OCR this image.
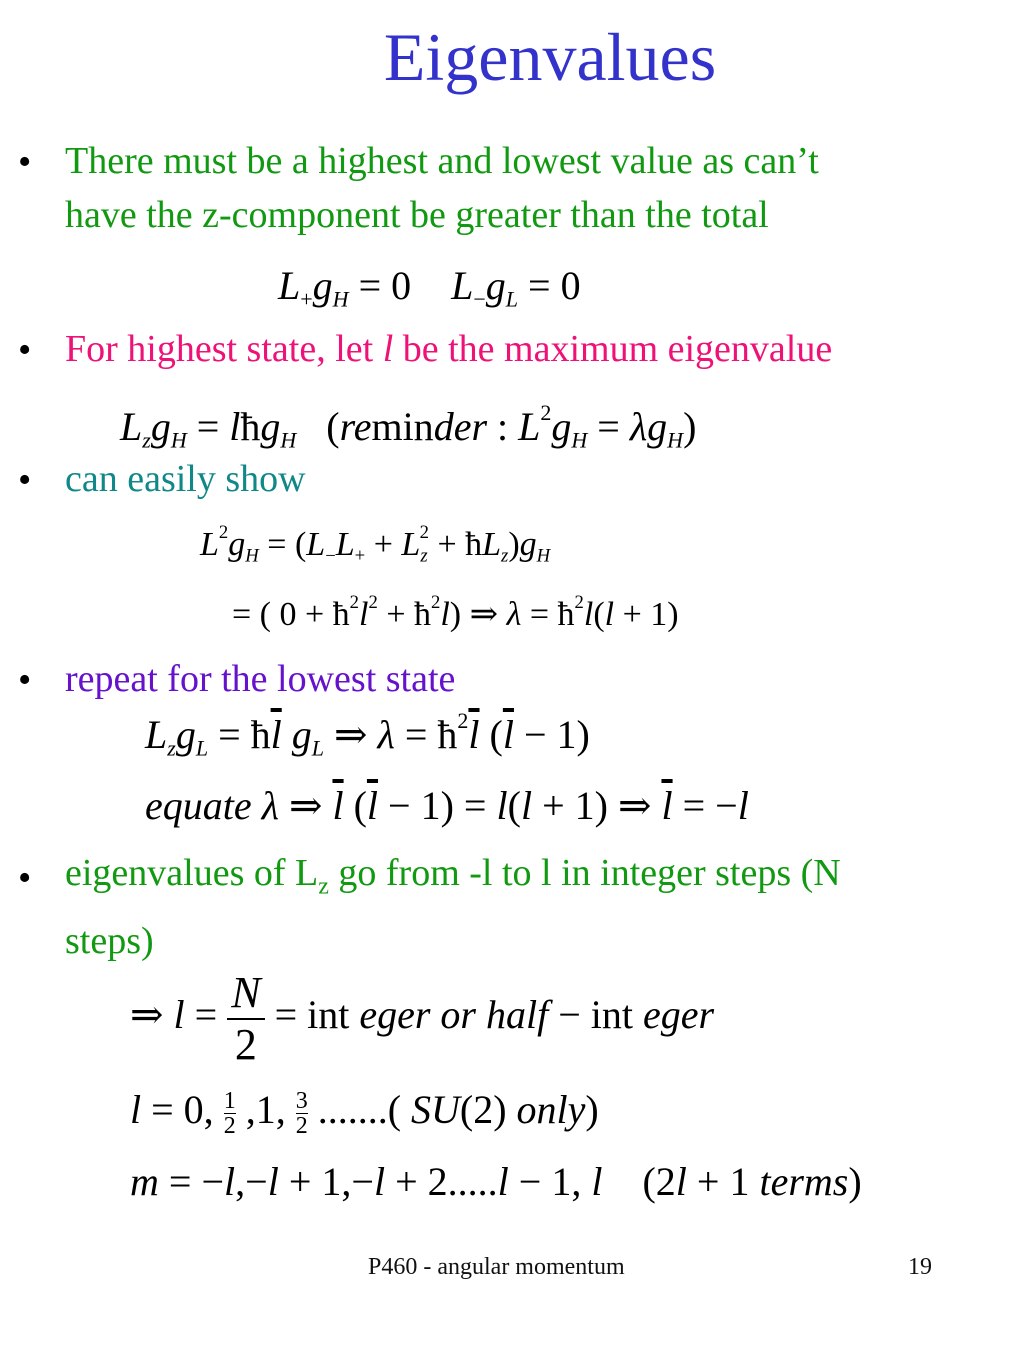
Eigenvalues
• There must be a highest and lowest value as can’t
have the z-component be greater than the total
$L_+g_H = 0$    $L_-g_L = 0$
• For highest state, let l be the maximum eigenvalue
$L_zg_H$ = lħg$_H$   (reminder : $L^2g_H = \lambda g_H$)
• can easily show
$L^2g_H = (L_-L_+ + L_z^2$ + $ħL_z)g_H$
= ( $0 + ħ^2l^2$ + $ħ^2l$) ⇒ $\lambda = ħ^2l(l + 1)$
• repeat for the lowest state
$L_zg_L$ = $ħ\overline{l}$ $g_L$ ⇒ $\lambda = ħ^2\overline{l}$ $(\overline{l} - 1)$
equate λ ⇒ $\overline{l}$ $(\overline{l} - 1) = l(l + 1)$ ⇒ $\overline{l} = -l$
• eigenvalues of $L_z$ go from -l to l in integer steps (N
steps)
⇒ $l = \frac{N}{2}$ = int eger or half − int eger
l = 0, $\frac{1}{2} ,1$, $\frac{3}{2}$ .......( SU(2) only)
m = −l,−l + 1,−l + 2.....l − 1, l    (2l + 1 terms)
P460 - angular momentum	19
